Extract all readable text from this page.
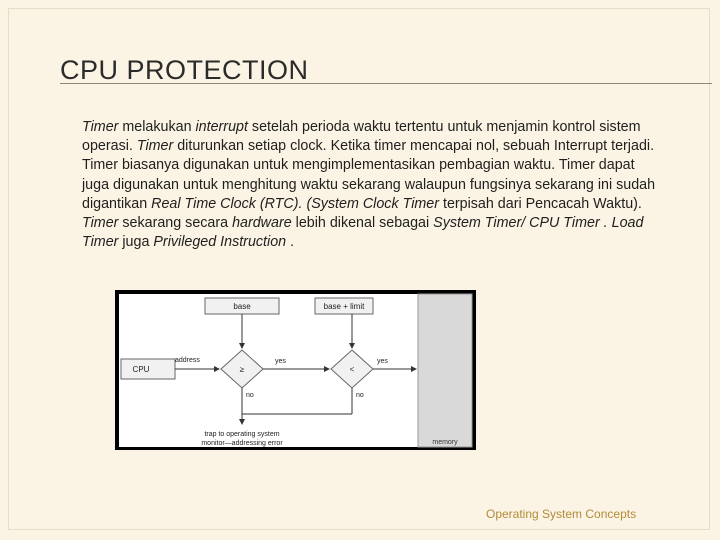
CPU PROTECTION

Timer melakukan interrupt setelah perioda waktu tertentu untuk menjamin kontrol sistem operasi. Timer diturunkan setiap clock. Ketika timer mencapai nol, sebuah Interrupt terjadi. Timer biasanya digunakan untuk mengimplementasikan pembagian waktu. Timer dapat juga digunakan untuk menghitung waktu sekarang walaupun fungsinya sekarang ini sudah digantikan Real Time Clock (RTC). (System Clock Timer terpisah dari Pencacah Waktu). Timer sekarang secara hardware lebih dikenal sebagai System Timer/ CPU Timer . Load Timer juga Privileged Instruction .

memory
base	base + limit
CPU	≥	<
address	yes	yes
no	no
trap to operating system
monitor—addressing error
Operating System Concepts
